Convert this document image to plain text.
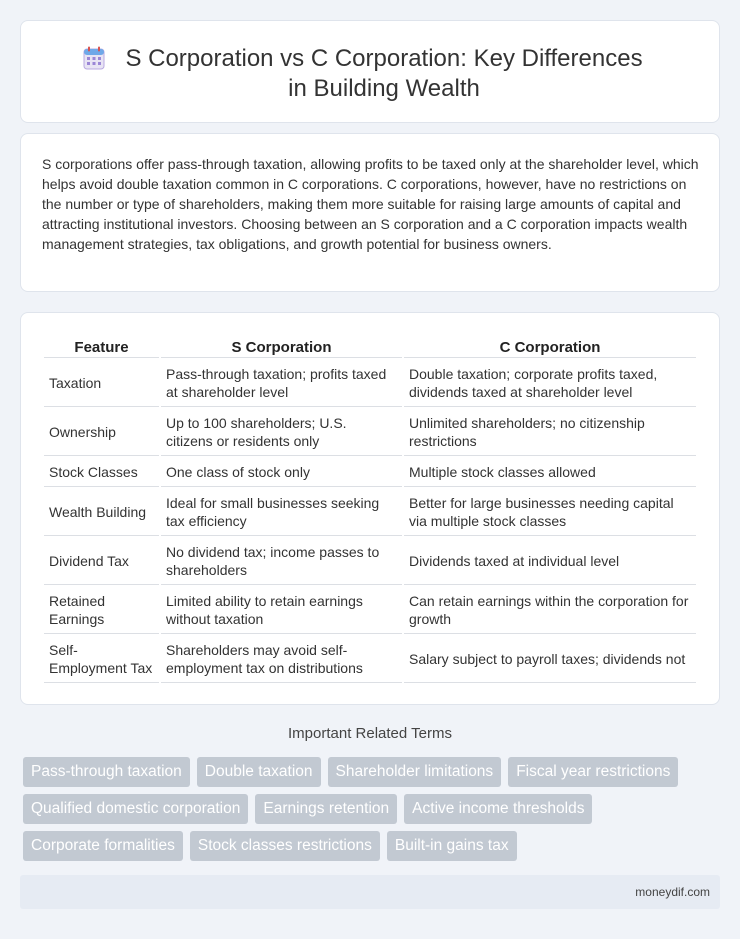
S Corporation vs C Corporation: Key Differences in Building Wealth

S corporations offer pass-through taxation, allowing profits to be taxed only at the shareholder level, which helps avoid double taxation common in C corporations. C corporations, however, have no restrictions on the number or type of shareholders, making them more suitable for raising large amounts of capital and attracting institutional investors. Choosing between an S corporation and a C corporation impacts wealth management strategies, tax obligations, and growth potential for business owners.

Feature	S Corporation	C Corporation
Taxation	Pass-through taxation; profits taxed at shareholder level	Double taxation; corporate profits taxed, dividends taxed at shareholder level
Ownership	Up to 100 shareholders; U.S. citizens or residents only	Unlimited shareholders; no citizenship restrictions
Stock Classes	One class of stock only	Multiple stock classes allowed
Wealth Building	Ideal for small businesses seeking tax efficiency	Better for large businesses needing capital via multiple stock classes
Dividend Tax	No dividend tax; income passes to shareholders	Dividends taxed at individual level
Retained Earnings	Limited ability to retain earnings without taxation	Can retain earnings within the corporation for growth
Self-Employment Tax	Shareholders may avoid self-employment tax on distributions	Salary subject to payroll taxes; dividends not
Important Related Terms
Pass-through taxation	Double taxation	Shareholder limitations	Fiscal year restrictions
Qualified domestic corporation	Earnings retention	Active income thresholds
Corporate formalities	Stock classes restrictions	Built-in gains tax
moneydif.com
